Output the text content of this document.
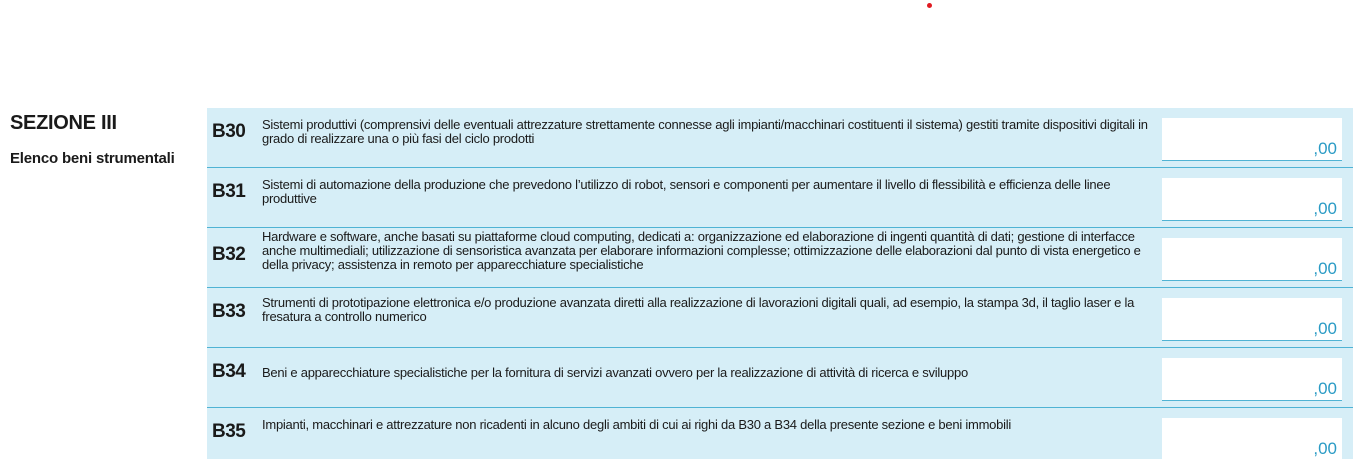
SEZIONE III
Elenco beni strumentali
B30 Sistemi produttivi (comprensivi delle eventuali attrezzature strettamente connesse agli impianti/macchinari costituenti il sistema) gestiti tramite dispositivi digitali in grado di realizzare una o più fasi del ciclo prodotti
,00
B31 Sistemi di automazione della produzione che prevedono l’utilizzo di robot, sensori e componenti per aumentare il livello di flessibilità e efficienza delle linee produttive
,00
B32
Hardware e software, anche basati su piattaforme cloud computing, dedicati a: organizzazione ed elaborazione di ingenti quantità di dati; gestione di interfacce anche multimediali; utilizzazione di sensoristica avanzata per elaborare informazioni complesse; ottimizzazione delle elaborazioni dal punto di vista energetico e della privacy; assistenza in remoto per apparecchiature specialistiche	,00
B33 Strumenti di prototipazione elettronica e/o produzione avanzata diretti alla realizzazione di lavorazioni digitali quali, ad esempio, la stampa 3d, il taglio laser e la fresatura a controllo numerico
,00
B34 Beni e apparecchiature specialistiche per la fornitura di servizi avanzati ovvero per la realizzazione di attività di ricerca e sviluppo
,00
B35 Impianti, macchinari e attrezzature non ricadenti in alcuno degli ambiti di cui ai righi da B30 a B34 della presente sezione e beni immobili
,00
